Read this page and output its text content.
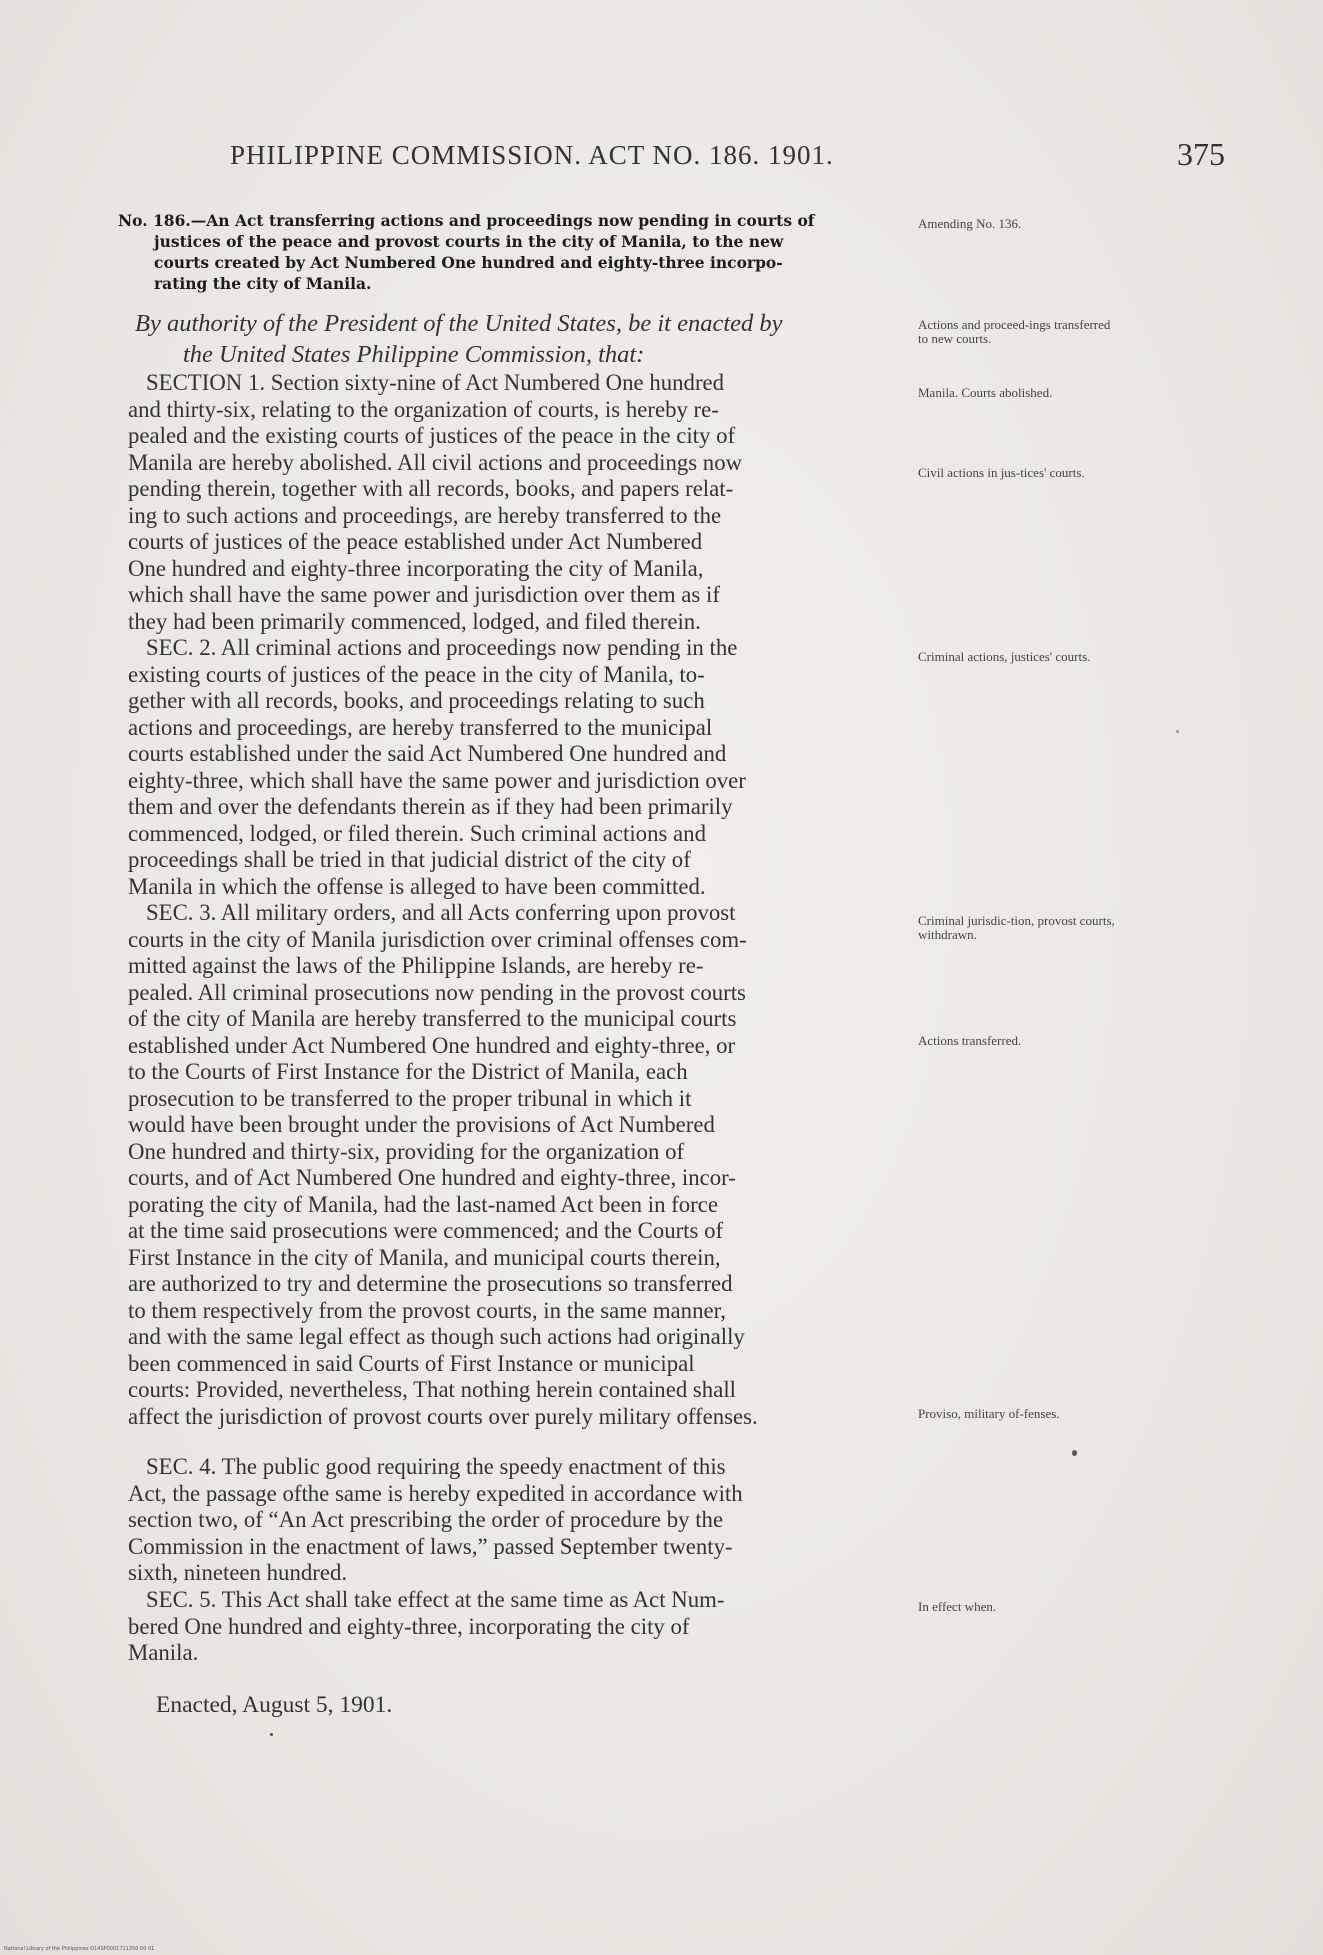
PHILIPPINE COMMISSION. ACT NO. 186. 1901.	375
No. 186.—An Act transferring actions and proceedings now pending in courts of
justices of the peace and provost courts in the city of Manila, to the new
courts created by Act Numbered One hundred and eighty-three incorpo-
rating the city of Manila.
By authority of the President of the United States, be it enacted by
the United States Philippine Commission, that:
SECTION 1. Section sixty-nine of Act Numbered One hundred
and thirty-six, relating to the organization of courts, is hereby re-
pealed and the existing courts of justices of the peace in the city of
Manila are hereby abolished. All civil actions and proceedings now
pending therein, together with all records, books, and papers relat-
ing to such actions and proceedings, are hereby transferred to the
courts of justices of the peace established under Act Numbered
One hundred and eighty-three incorporating the city of Manila,
which shall have the same power and jurisdiction over them as if
they had been primarily commenced, lodged, and filed therein.
SEC. 2. All criminal actions and proceedings now pending in the
existing courts of justices of the peace in the city of Manila, to-
gether with all records, books, and proceedings relating to such
actions and proceedings, are hereby transferred to the municipal
courts established under the said Act Numbered One hundred and
eighty-three, which shall have the same power and jurisdiction over
them and over the defendants therein as if they had been primarily
commenced, lodged, or filed therein. Such criminal actions and
proceedings shall be tried in that judicial district of the city of
Manila in which the offense is alleged to have been committed.
SEC. 3. All military orders, and all Acts conferring upon provost
courts in the city of Manila jurisdiction over criminal offenses com-
mitted against the laws of the Philippine Islands, are hereby re-
pealed. All criminal prosecutions now pending in the provost courts
of the city of Manila are hereby transferred to the municipal courts
established under Act Numbered One hundred and eighty-three, or
to the Courts of First Instance for the District of Manila, each
prosecution to be transferred to the proper tribunal in which it
would have been brought under the provisions of Act Numbered
One hundred and thirty-six, providing for the organization of
courts, and of Act Numbered One hundred and eighty-three, incor-
porating the city of Manila, had the last-named Act been in force
at the time said prosecutions were commenced; and the Courts of
First Instance in the city of Manila, and municipal courts therein,
are authorized to try and determine the prosecutions so transferred
to them respectively from the provost courts, in the same manner,
and with the same legal effect as though such actions had originally
been commenced in said Courts of First Instance or municipal
courts: Provided, nevertheless, That nothing herein contained shall
affect the jurisdiction of provost courts over purely military offenses.
SEC. 4. The public good requiring the speedy enactment of this
Act, the passage ofthe same is hereby expedited in accordance with
section two, of “An Act prescribing the order of procedure by the
Commission in the enactment of laws,” passed September twenty-
sixth, nineteen hundred.
SEC. 5. This Act shall take effect at the same time as Act Num-
bered One hundred and eighty-three, incorporating the city of
Manila.
Enacted, August 5, 1901.
Amending No. 136.
Actions and proceed-ings transferred to new courts.
Manila. Courts abolished.
Civil actions in jus-tices' courts.
Criminal actions, justices' courts.
Criminal jurisdic-tion, provost courts, withdrawn.
Actions transferred.
Proviso, military of-fenses.
In effect when.
National Library of the Philippines D14SP0001711350 00 01
